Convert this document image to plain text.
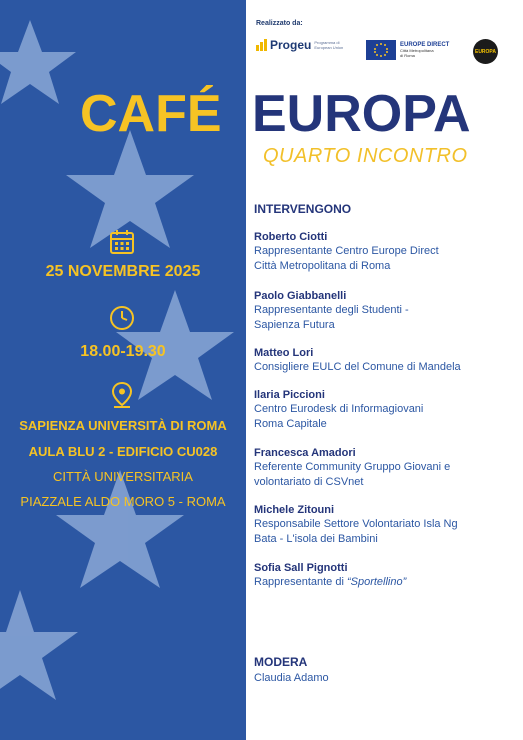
25 NOVEMBRE 2025
18.00-19.30
SAPIENZA UNIVERSITÀ DI ROMA
AULA BLU 2 - EDIFICIO CU028
CITTÀ UNIVERSITARIA
PIAZZALE ALDO MORO 5 - ROMA
Realizzato da:
Progeu Programma di European Union	EUROPE DIRECT
Città Metropolitana
di Roma
EUROPA
CAFÉ EUROPA
QUARTO INCONTRO
INTERVENGONO
Roberto Ciotti
Rappresentante Centro Europe Direct
Città Metropolitana di Roma
Paolo Giabbanelli
Rappresentante degli Studenti -
Sapienza Futura
Matteo Lori
Consigliere EULC del Comune di Mandela
Ilaria Piccioni
Centro Eurodesk di Informagiovani
Roma Capitale
Francesca Amadori
Referente Community Gruppo Giovani e
volontariato di CSVnet
Michele Zitouni
Responsabile Settore Volontariato Isla Ng
Bata - L'isola dei Bambini
Sofia Sall Pignotti
Rappresentante di “Sportellino”
MODERA
Claudia Adamo
